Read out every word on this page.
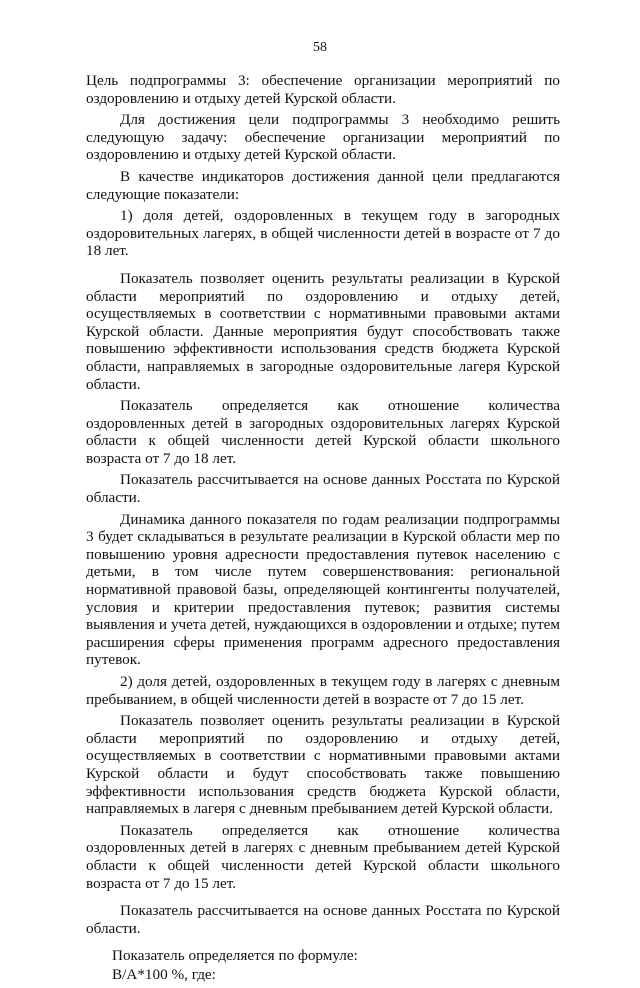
58

Цель подпрограммы 3: обеспечение организации мероприятий по оздоровлению и отдыху детей Курской области.

Для достижения цели подпрограммы 3 необходимо решить следующую задачу: обеспечение организации мероприятий по оздоровлению и отдыху детей Курской области.

В качестве индикаторов достижения данной цели предлагаются следующие показатели:

1) доля детей, оздоровленных в текущем году в загородных оздоровительных лагерях, в общей численности детей в возрасте от 7 до 18 лет.

Показатель позволяет оценить результаты реализации в Курской области мероприятий по оздоровлению и отдыху детей, осуществляемых в соответствии с нормативными правовыми актами Курской области. Данные мероприятия будут способствовать также повышению эффективности использования средств бюджета Курской области, направляемых в загородные оздоровительные лагеря Курской области.

Показатель определяется как отношение количества оздоровленных детей в загородных оздоровительных лагерях Курской области к общей численности детей Курской области школьного возраста от 7 до 18 лет.

Показатель рассчитывается на основе данных Росстата по Курской области.

Динамика данного показателя по годам реализации подпрограммы 3 будет складываться в результате реализации в Курской области мер по повышению уровня адресности предоставления путевок населению с детьми, в том числе путем совершенствования: региональной нормативной правовой базы, определяющей контингенты получателей, условия и критерии предоставления путевок; развития системы выявления и учета детей, нуждающихся в оздоровлении и отдыхе; путем расширения сферы применения программ адресного предоставления путевок.

2) доля детей, оздоровленных в текущем году в лагерях с дневным пребыванием, в общей численности детей в возрасте от 7 до 15 лет.

Показатель позволяет оценить результаты реализации в Курской области мероприятий по оздоровлению и отдыху детей, осуществляемых в соответствии с нормативными правовыми актами Курской области и будут способствовать также повышению эффективности использования средств бюджета Курской области, направляемых в лагеря с дневным пребыванием детей Курской области.

Показатель определяется как отношение количества оздоровленных детей в лагерях с дневным пребыванием детей Курской области к общей численности детей Курской области школьного возраста от 7 до 15 лет.

Показатель рассчитывается на основе данных Росстата по Курской области.

Показатель определяется по формуле:

В/А*100 %, где:
